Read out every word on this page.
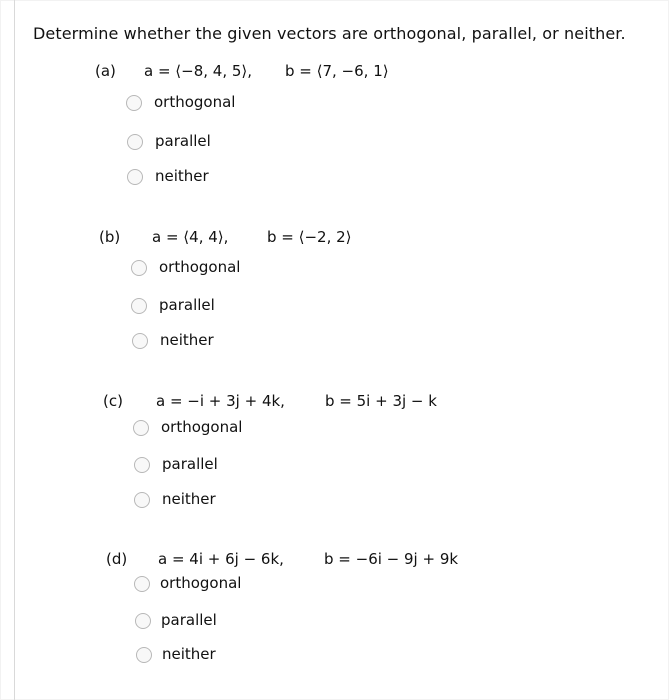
Determine whether the given vectors are orthogonal, parallel, or neither.
(a) a = ⟨−8, 4, 5⟩, b = ⟨7, −6, 1⟩
orthogonal
parallel
neither
(b) a = ⟨4, 4⟩,	b = ⟨−2, 2⟩
orthogonal
parallel
neither
(c) a = −i + 3j + 4k,	b = 5i + 3j − k
orthogonal
parallel
neither
(d) a = 4i + 6j − 6k,	b = −6i − 9j + 9k
orthogonal
parallel
neither
